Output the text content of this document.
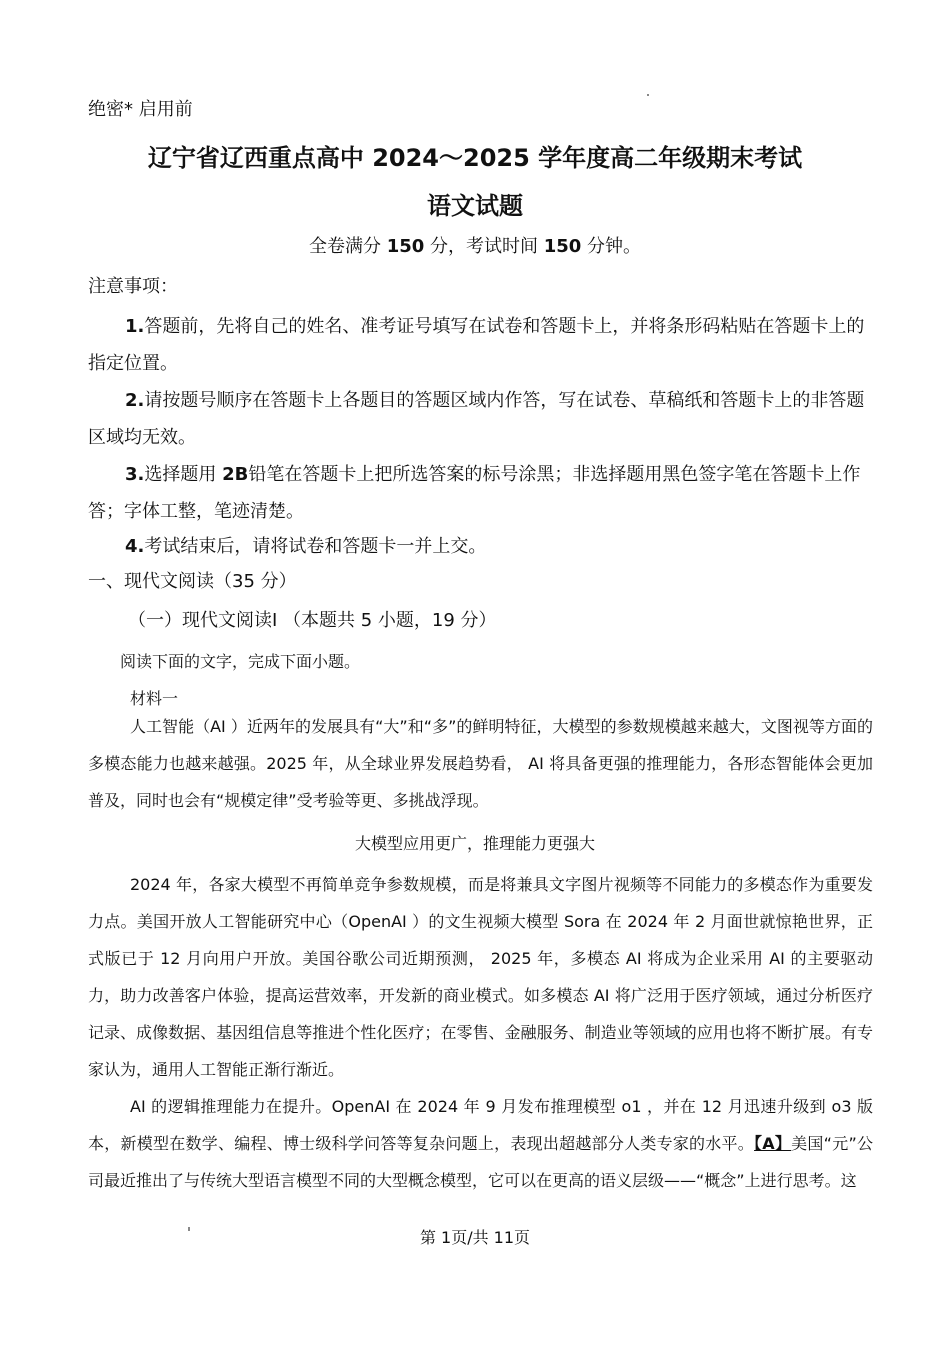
绝密* 启用前
辽宁省辽西重点高中 2024～2025 学年度高二年级期末考试
语文试题
全卷满分 150 分，考试时间 150 分钟。
注意事项：
1.答题前，先将自己的姓名、准考证号填写在试卷和答题卡上，并将条形码粘贴在答题卡上的指定位置。
2.请按题号顺序在答题卡上各题目的答题区域内作答，写在试卷、草稿纸和答题卡上的非答题区域均无效。
3.选择题用 2B铅笔在答题卡上把所选答案的标号涂黑；非选择题用黑色签字笔在答题卡上作答；字体工整，笔迹清楚。
4.考试结束后，请将试卷和答题卡一并上交。
一、现代文阅读（35 分）
（一）现代文阅读Ⅰ （本题共 5 小题，19 分）
阅读下面的文字，完成下面小题。
材料一
人工智能（AI ）近两年的发展具有“大”和“多”的鲜明特征，大模型的参数规模越来越大，文图视等方面的多模态能力也越来越强。2025 年，从全球业界发展趋势看， AI 将具备更强的推理能力，各形态智能体会更加普及，同时也会有“规模定律”受考验等更、多挑战浮现。
大模型应用更广，推理能力更强大
2024 年，各家大模型不再简单竞争参数规模，而是将兼具文字图片视频等不同能力的多模态作为重要发力点。美国开放人工智能研究中心（OpenAI ）的文生视频大模型 Sora 在 2024 年 2 月面世就惊艳世界，正式版已于 12 月向用户开放。美国谷歌公司近期预测， 2025 年，多模态 AI 将成为企业采用 AI 的主要驱动力，助力改善客户体验，提高运营效率，开发新的商业模式。如多模态 AI 将广泛用于医疗领域，通过分析医疗记录、成像数据、基因组信息等推进个性化医疗；在零售、金融服务、制造业等领域的应用也将不断扩展。有专家认为，通用人工智能正渐行渐近。
AI 的逻辑推理能力在提升。OpenAI 在 2024 年 9 月发布推理模型 o1 ，并在 12 月迅速升级到 o3 版本，新模型在数学、编程、博士级科学问答等复杂问题上，表现出超越部分人类专家的水平。【A】美国“元”公司最近推出了与传统大型语言模型不同的大型概念模型，它可以在更高的语义层级——“概念”上进行思考。这
第 1页/共 11页
